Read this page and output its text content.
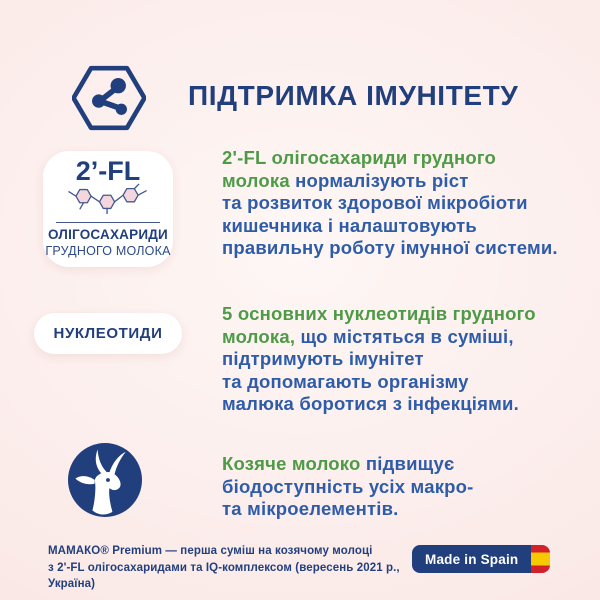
ПІДТРИМКА ІМУНІТЕТУ
2’-FL
ОЛІГОСАХАРИДИ
ГРУДНОГО МОЛОКА
2'-FL олігосахариди грудного
молока нормалізують ріст
та розвиток здорової мікробіоти
кишечника і налаштовують
правильну роботу імунної системи.
НУКЛЕОТИДИ
5 основних нуклеотидів грудного
молока, що містяться в суміші,
підтримують імунітет
та допомагають організму
малюка боротися з інфекціями.
Козяче молоко підвищує
біодоступність усіх макро-
та мікроелементів.
МАМАКО® Premium — перша суміш на козячому молоці
з 2'-FL олігосахаридами та IQ-комплексом (вересень 2021 р.,
Україна)
Made in Spain
